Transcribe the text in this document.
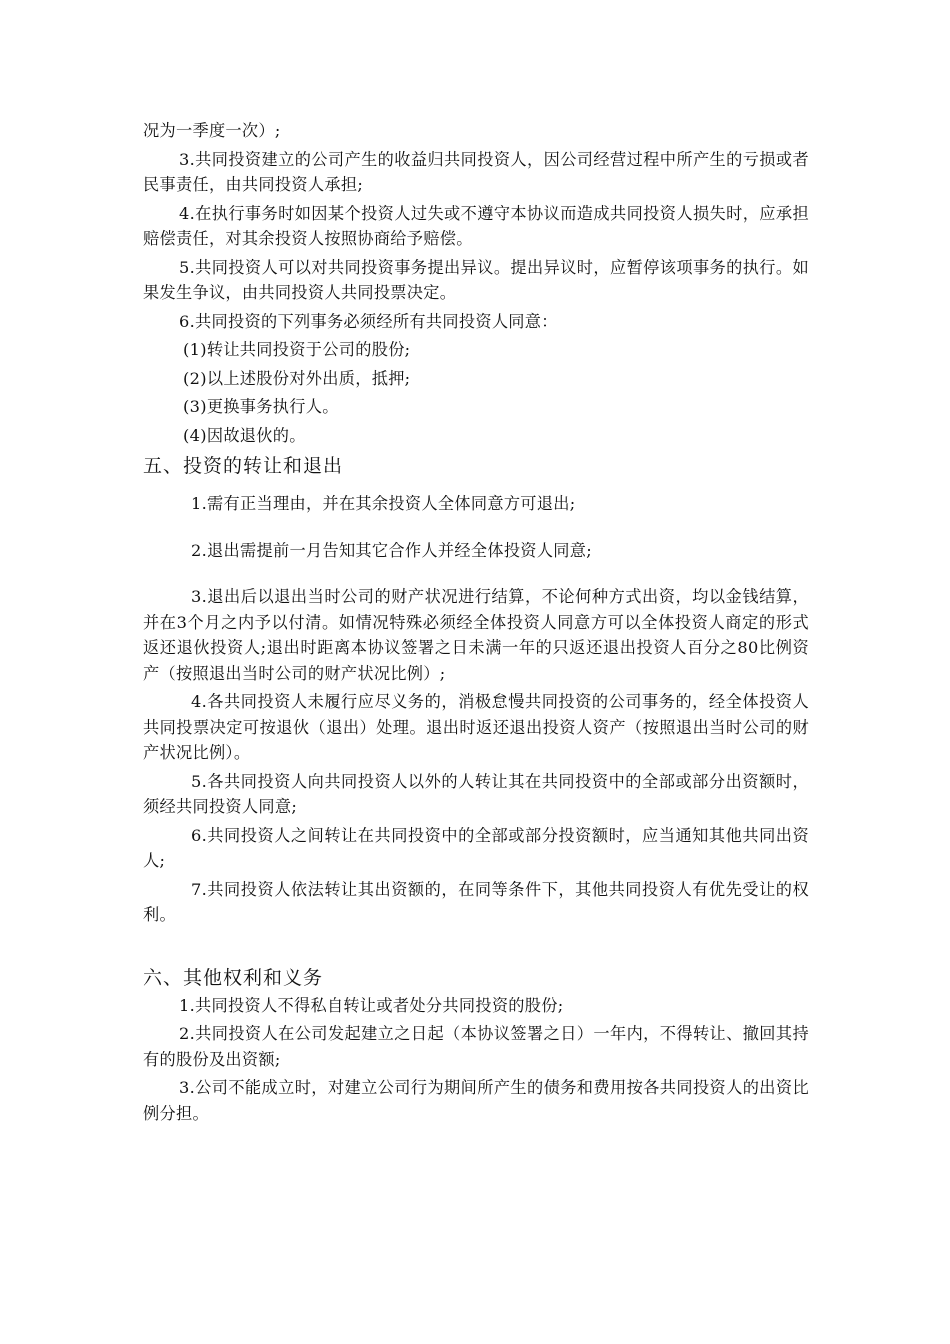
况为一季度一次）;

3.共同投资建立的公司产生的收益归共同投资人，因公司经营过程中所产生的亏损或者民事责任，由共同投资人承担;

4.在执行事务时如因某个投资人过失或不遵守本协议而造成共同投资人损失时，应承担赔偿责任，对其余投资人按照协商给予赔偿。

5.共同投资人可以对共同投资事务提出异议。提出异议时，应暂停该项事务的执行。如果发生争议，由共同投资人共同投票决定。

6.共同投资的下列事务必须经所有共同投资人同意：

(1)转让共同投资于公司的股份;

(2)以上述股份对外出质，抵押;

(3)更换事务执行人。

(4)因故退伙的。

五、投资的转让和退出

1.需有正当理由，并在其余投资人全体同意方可退出;

2.退出需提前一月告知其它合作人并经全体投资人同意;

3.退出后以退出当时公司的财产状况进行结算，不论何种方式出资，均以金钱结算，并在3个月之内予以付清。如情况特殊必须经全体投资人同意方可以全体投资人商定的形式返还退伙投资人;退出时距离本协议签署之日未满一年的只返还退出投资人百分之80比例资产（按照退出当时公司的财产状况比例）;

4.各共同投资人未履行应尽义务的，消极怠慢共同投资的公司事务的，经全体投资人共同投票决定可按退伙（退出）处理。退出时返还退出投资人资产（按照退出当时公司的财产状况比例）。

5.各共同投资人向共同投资人以外的人转让其在共同投资中的全部或部分出资额时，须经共同投资人同意;

6.共同投资人之间转让在共同投资中的全部或部分投资额时，应当通知其他共同出资人;

7.共同投资人依法转让其出资额的，在同等条件下，其他共同投资人有优先受让的权利。

六、其他权利和义务

1.共同投资人不得私自转让或者处分共同投资的股份;

2.共同投资人在公司发起建立之日起（本协议签署之日）一年内，不得转让、撤回其持有的股份及出资额;

3.公司不能成立时，对建立公司行为期间所产生的债务和费用按各共同投资人的出资比例分担。
